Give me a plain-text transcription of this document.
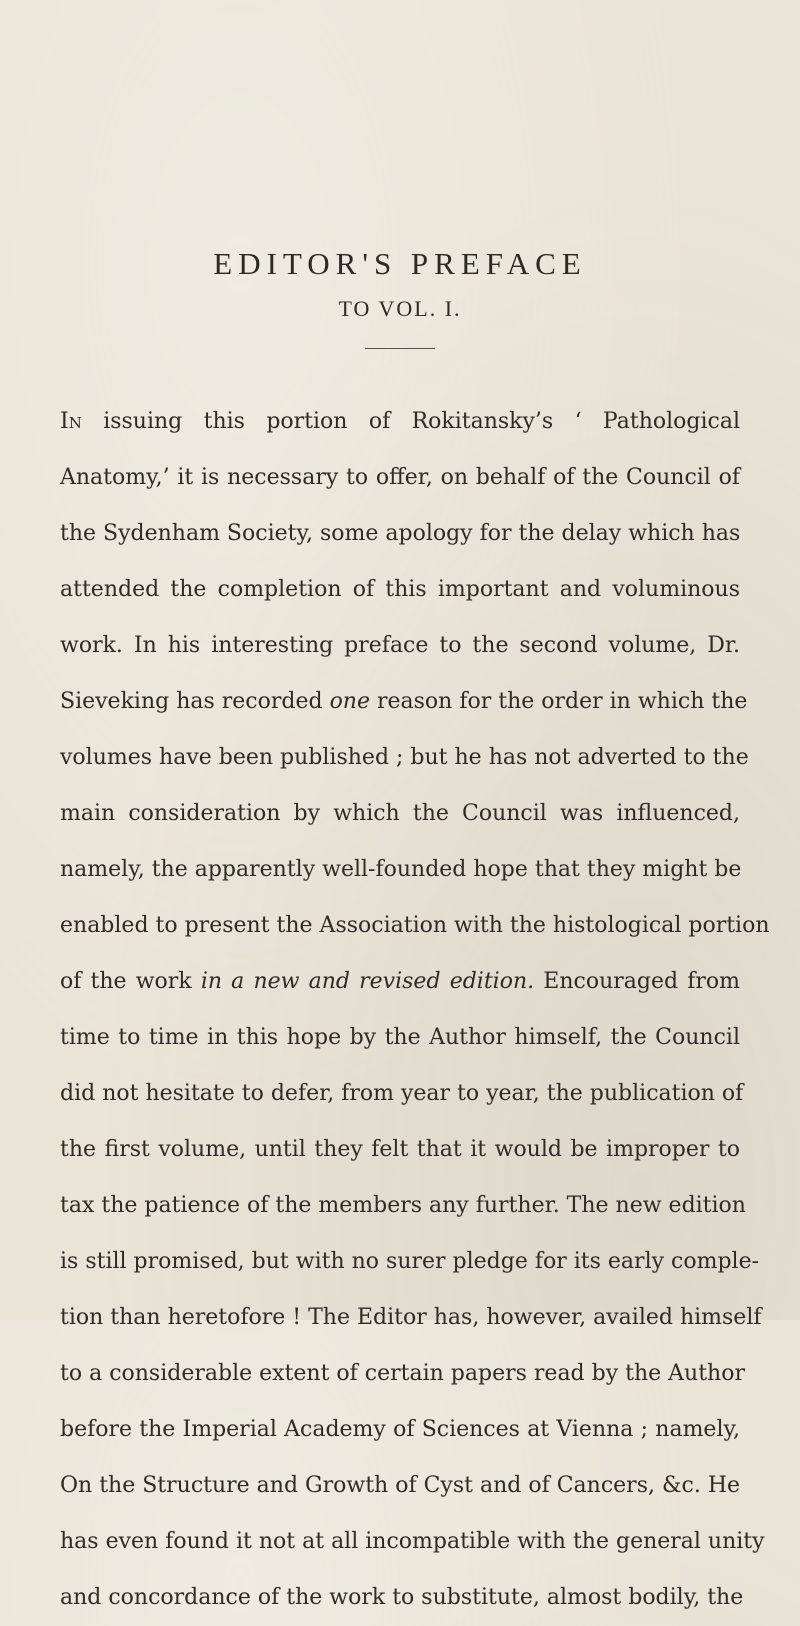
EDITOR'S PREFACE
TO VOL. I.
In issuing this portion of Rokitansky’s ‘ Pathological
Anatomy,’ it is necessary to offer, on behalf of the Council of
the Sydenham Society, some apology for the delay which has
attended the completion of this important and voluminous
work. In his interesting preface to the second volume, Dr.
Sieveking has recorded one reason for the order in which the
volumes have been published ; but he has not adverted to the
main consideration by which the Council was influenced,
namely, the apparently well-founded hope that they might be
enabled to present the Association with the histological portion
of the work in a new and revised edition. Encouraged from
time to time in this hope by the Author himself, the Council
did not hesitate to defer, from year to year, the publication of
the first volume, until they felt that it would be improper to
tax the patience of the members any further. The new edition
is still promised, but with no surer pledge for its early comple-
tion than heretofore ! The Editor has, however, availed himself
to a considerable extent of certain papers read by the Author
before the Imperial Academy of Sciences at Vienna ; namely,
On the Structure and Growth of Cyst and of Cancers, &c. He
has even found it not at all incompatible with the general unity
and concordance of the work to substitute, almost bodily, the
